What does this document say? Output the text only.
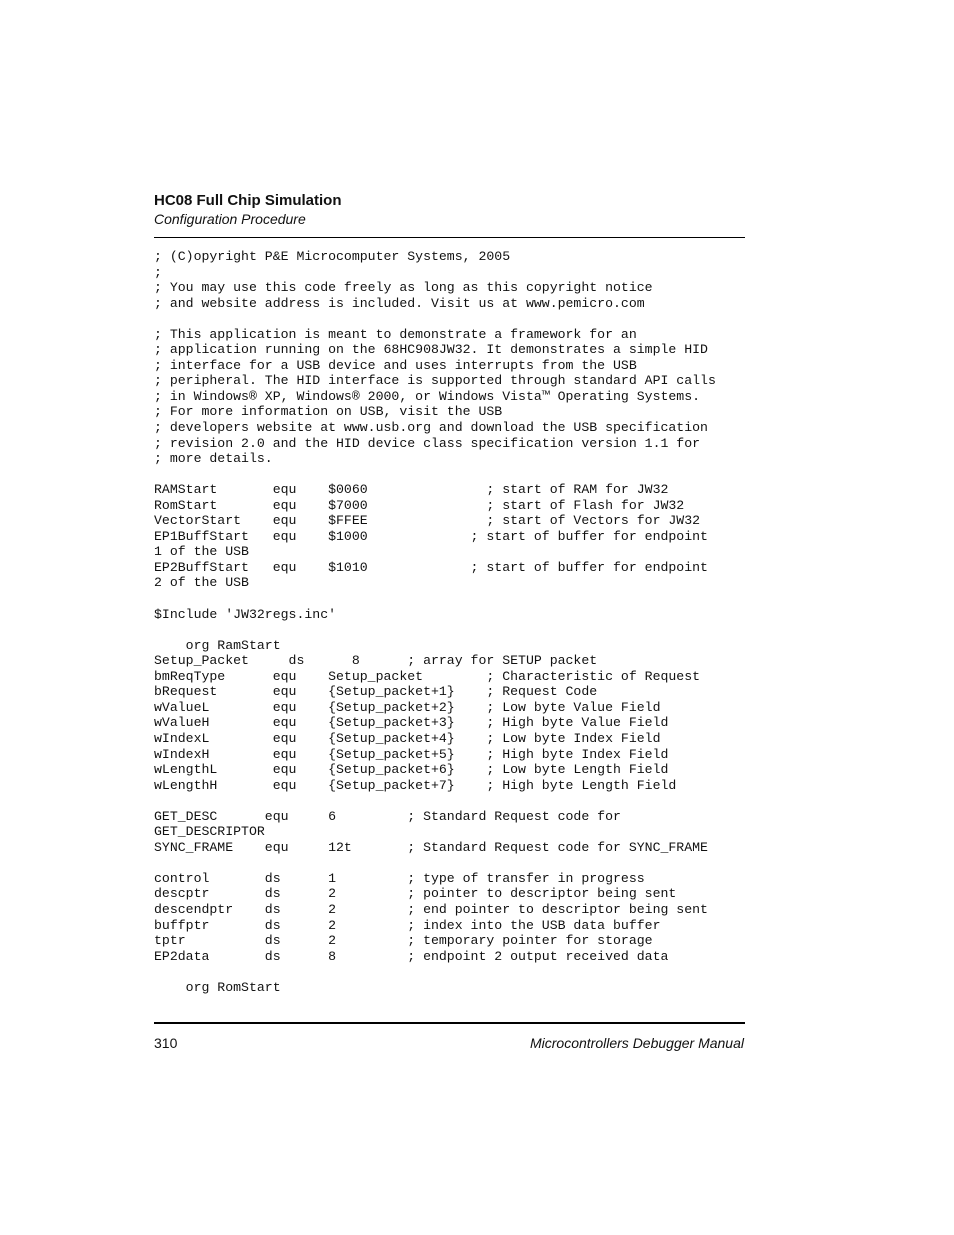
HC08 Full Chip Simulation
Configuration Procedure
; (C)opyright P&E Microcomputer Systems, 2005
;
; You may use this code freely as long as this copyright notice
; and website address is included. Visit us at www.pemicro.com
; This application is meant to demonstrate a framework for an
; application running on the 68HC908JW32. It demonstrates a simple HID
; interface for a USB device and uses interrupts from the USB
; peripheral. The HID interface is supported through standard API calls
; in Windows® XP, Windows® 2000, or Windows Vista™ Operating Systems.
; For more information on USB, visit the USB
; developers website at www.usb.org and download the USB specification
; revision 2.0 and the HID device class specification version 1.1 for
; more details.
RAMStart       equ    $0060               ; start of RAM for JW32
RomStart       equ    $7000               ; start of Flash for JW32
VectorStart    equ    $FFEE               ; start of Vectors for JW32
EP1BuffStart   equ    $1000             ; start of buffer for endpoint
1 of the USB
EP2BuffStart   equ    $1010             ; start of buffer for endpoint
2 of the USB
$Include 'JW32regs.inc'
org RamStart
Setup_Packet     ds      8      ; array for SETUP packet
bmReqType      equ    Setup_packet        ; Characteristic of Request
bRequest       equ    {Setup_packet+1}    ; Request Code
wValueL        equ    {Setup_packet+2}    ; Low byte Value Field
wValueH        equ    {Setup_packet+3}    ; High byte Value Field
wIndexL        equ    {Setup_packet+4}    ; Low byte Index Field
wIndexH        equ    {Setup_packet+5}    ; High byte Index Field
wLengthL       equ    {Setup_packet+6}    ; Low byte Length Field
wLengthH       equ    {Setup_packet+7}    ; High byte Length Field
GET_DESC      equ     6         ; Standard Request code for
GET_DESCRIPTOR
SYNC_FRAME    equ     12t       ; Standard Request code for SYNC_FRAME
control       ds      1         ; type of transfer in progress
descptr       ds      2         ; pointer to descriptor being sent
descendptr    ds      2         ; end pointer to descriptor being sent
buffptr       ds      2         ; index into the USB data buffer
tptr          ds      2         ; temporary pointer for storage
EP2data       ds      8         ; endpoint 2 output received data
org RomStart
310	Microcontrollers Debugger Manual
